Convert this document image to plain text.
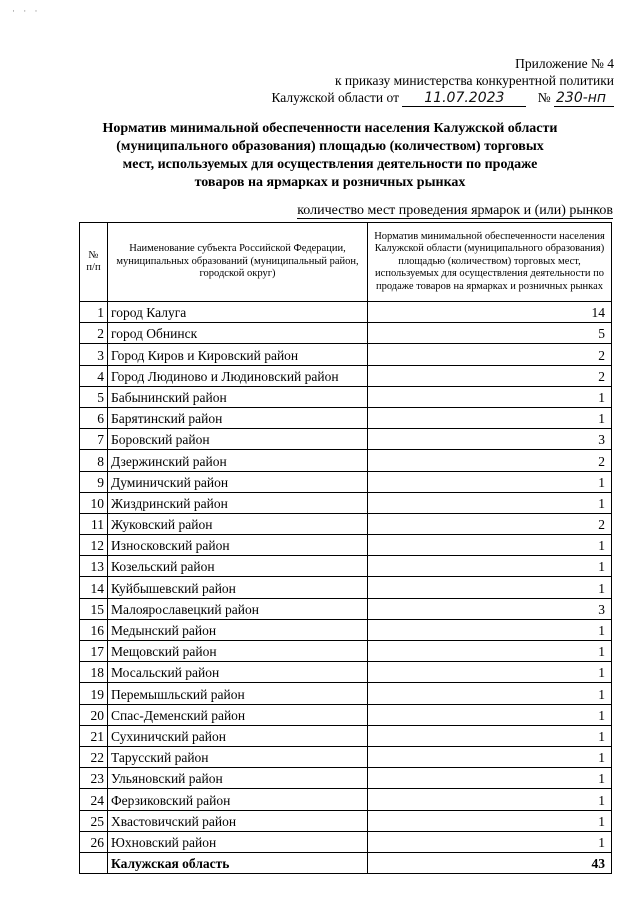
· · ·
Приложение № 4
к приказу министерства конкурентной политики
Калужской области от 11.07.2023 № 230-нп
Норматив минимальной обеспеченности населения Калужской области (муниципального образования) площадью (количеством) торговых мест, используемых для осуществления деятельности по продаже товаров на ярмарках и розничных рынках
количество мест проведения ярмарок и (или) рынков
№ п/п	Наименование субъекта Российской Федерации, муниципальных образований (муниципальный район, городской округ)	Норматив минимальной обеспеченности населения Калужской области (муниципального образования) площадью (количеством) торговых мест, используемых для осуществления деятельности по продаже товаров на ярмарках и розничных рынках
1	город Калуга	14
2	город Обнинск	5
3	Город Киров и Кировский район	2
4	Город Людиново и Людиновский район	2
5	Бабынинский район	1
6	Барятинский район	1
7	Боровский район	3
8	Дзержинский район	2
9	Думиничский район	1
10	Жиздринский район	1
11	Жуковский район	2
12	Износковский район	1
13	Козельский район	1
14	Куйбышевский район	1
15	Малоярославецкий район	3
16	Медынский район	1
17	Мещовский район	1
18	Мосальский район	1
19	Перемышльский район	1
20	Спас-Деменский район	1
21	Сухиничский район	1
22	Тарусский район	1
23	Ульяновский район	1
24	Ферзиковский район	1
25	Хвастовичский район	1
26	Юхновский район	1
	Калужская область	43
